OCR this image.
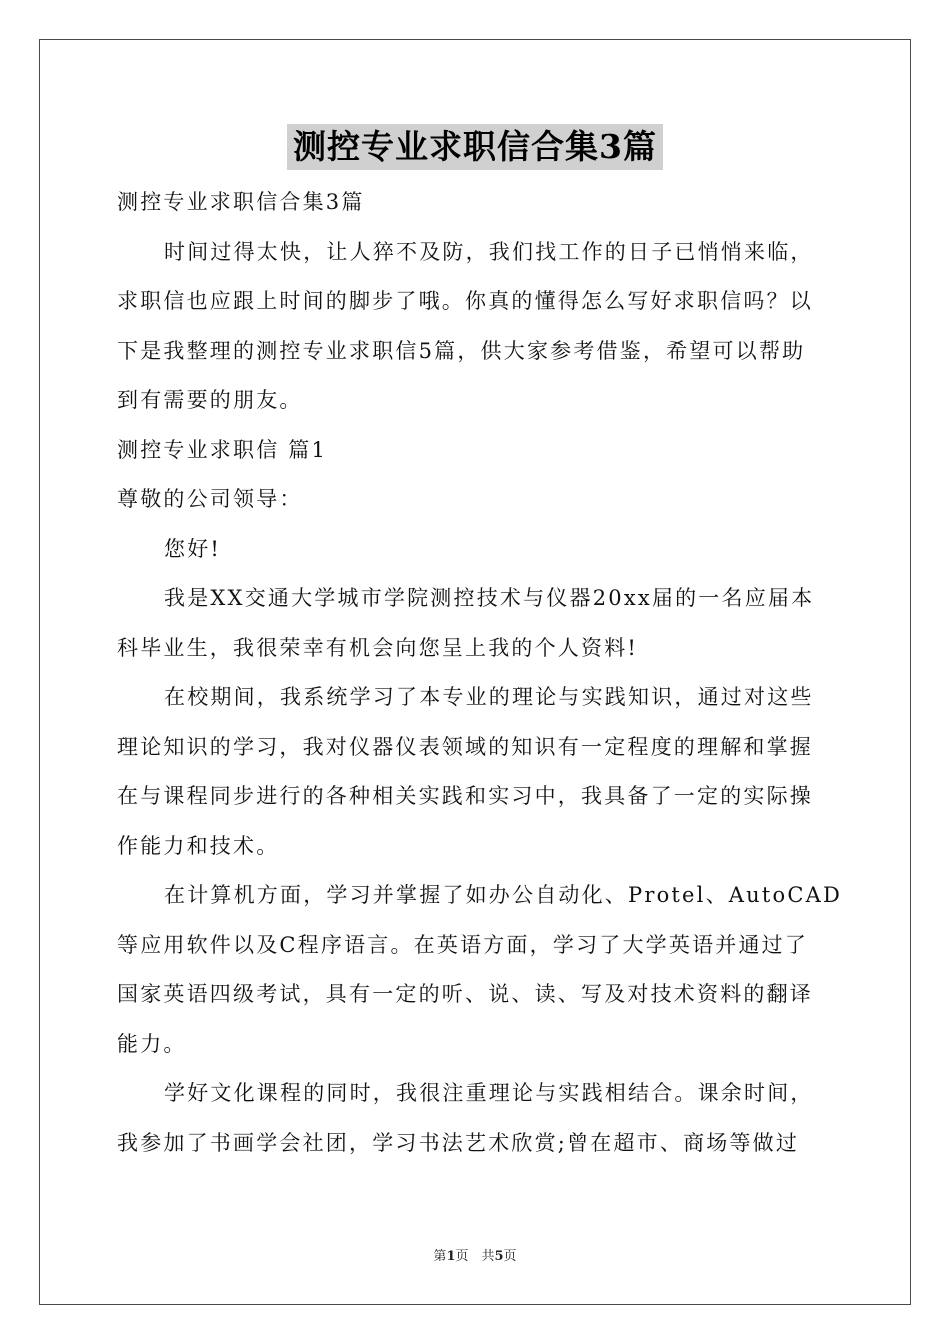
测控专业求职信合集3篇

测控专业求职信合集3篇

时间过得太快，让人猝不及防，我们找工作的日子已悄悄来临，

求职信也应跟上时间的脚步了哦。你真的懂得怎么写好求职信吗？以

下是我整理的测控专业求职信5篇，供大家参考借鉴，希望可以帮助

到有需要的朋友。

测控专业求职信 篇1

尊敬的公司领导：

您好!

我是XX交通大学城市学院测控技术与仪器20xx届的一名应届本

科毕业生，我很荣幸有机会向您呈上我的个人资料!

在校期间，我系统学习了本专业的理论与实践知识，通过对这些

理论知识的学习，我对仪器仪表领域的知识有一定程度的理解和掌握

在与课程同步进行的各种相关实践和实习中，我具备了一定的实际操

作能力和技术。

在计算机方面，学习并掌握了如办公自动化、Protel、AutoCAD

等应用软件以及C程序语言。在英语方面，学习了大学英语并通过了

国家英语四级考试，具有一定的听、说、读、写及对技术资料的翻译

能力。

学好文化课程的同时，我很注重理论与实践相结合。课余时间，

我参加了书画学会社团，学习书法艺术欣赏;曾在超市、商场等做过

第1页　共5页
